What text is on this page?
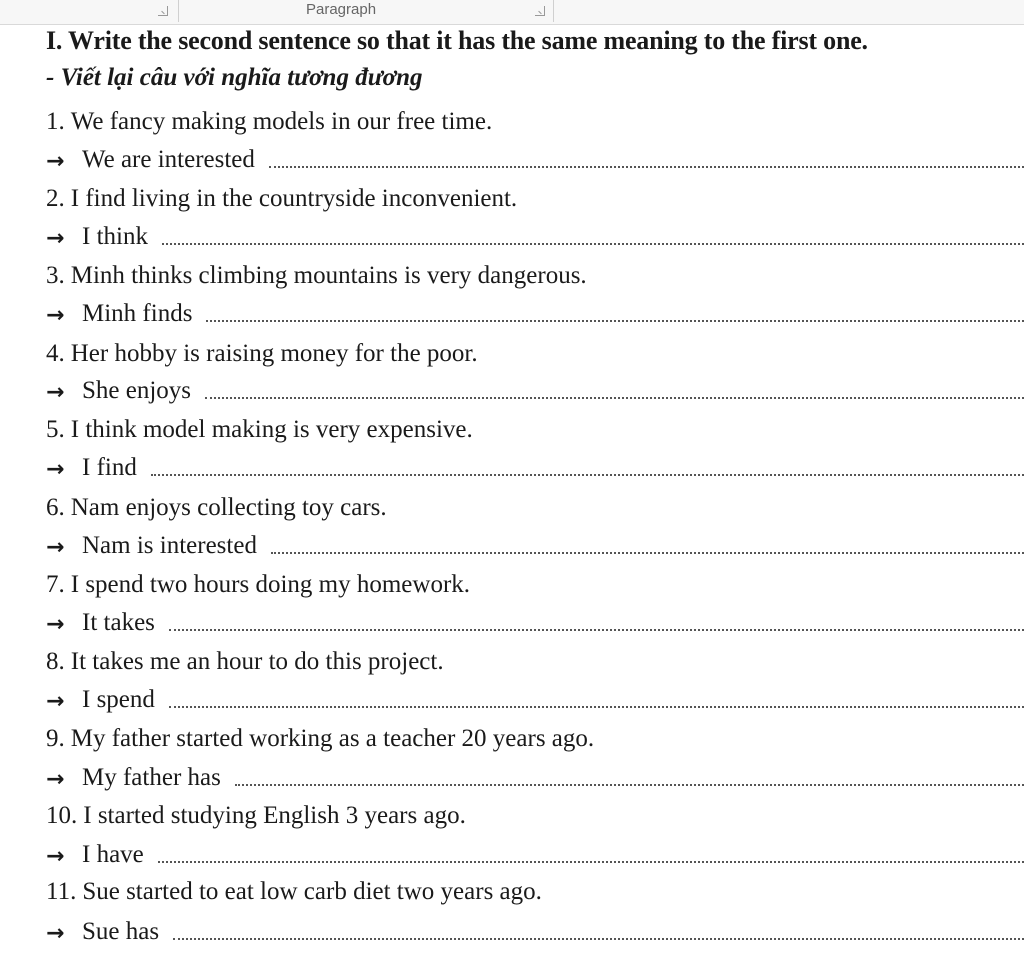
Paragraph
I. Write the second sentence so that it has the same meaning to the first one.
- Viết lại câu với nghĩa tương đương
1. We fancy making models in our free time.
→ We are interested
2. I find living in the countryside inconvenient.
→ I think
3. Minh thinks climbing mountains is very dangerous.
→ Minh finds
4. Her hobby is raising money for the poor.
→ She enjoys
5. I think model making is very expensive.
→ I find
6. Nam enjoys collecting toy cars.
→ Nam is interested
7. I spend two hours doing my homework.
→ It takes
8. It takes me an hour to do this project.
→ I spend
9. My father started working as a teacher 20 years ago.
→ My father has
10. I started studying English 3 years ago.
→ I have
11. Sue started to eat low carb diet two years ago.
→ Sue has
